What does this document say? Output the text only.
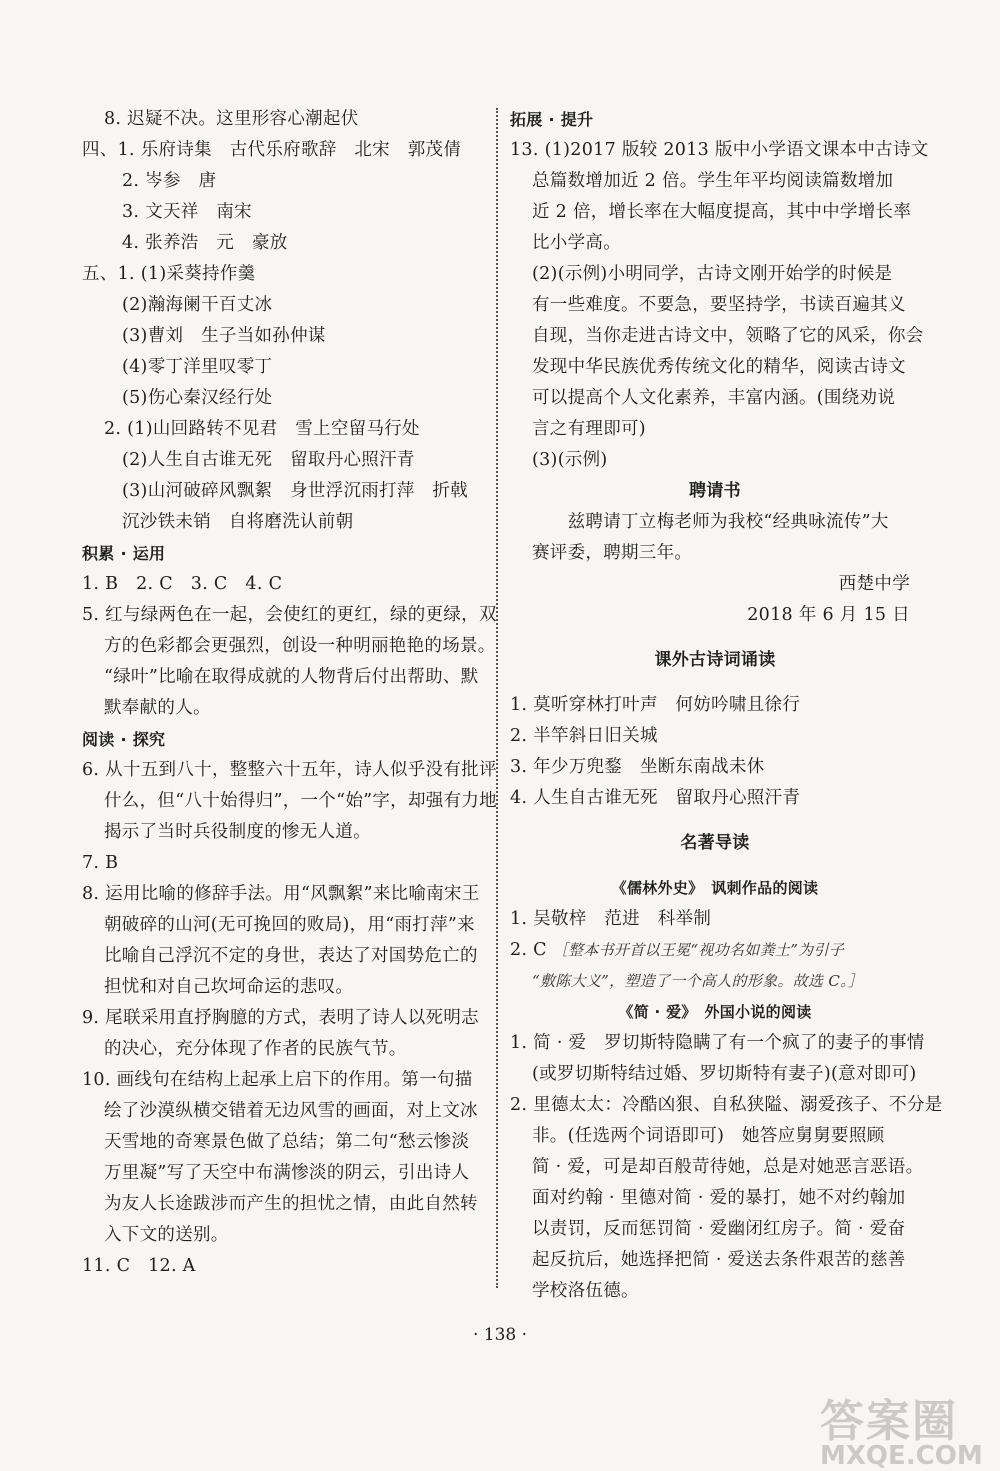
8. 迟疑不决。这里形容心潮起伏
四、1. 乐府诗集　古代乐府歌辞　北宋　郭茂倩
2. 岑参　唐
3. 文天祥　南宋
4. 张养浩　元　豪放
五、1. (1)采葵持作羹
(2)瀚海阑干百丈冰
(3)曹刘　生子当如孙仲谋
(4)零丁洋里叹零丁
(5)伤心秦汉经行处
2. (1)山回路转不见君　雪上空留马行处
(2)人生自古谁无死　留取丹心照汗青
(3)山河破碎风飘絮　身世浮沉雨打萍　折戟
沉沙铁未销　自将磨洗认前朝
积累 · 运用
1. B　2. C　3. C　4. C
5. 红与绿两色在一起，会使红的更红，绿的更绿，双
方的色彩都会更强烈，创设一种明丽艳艳的场景。
“绿叶”比喻在取得成就的人物背后付出帮助、默
默奉献的人。
阅读 · 探究
6. 从十五到八十，整整六十五年，诗人似乎没有批评
什么，但“八十始得归”，一个“始”字，却强有力地
揭示了当时兵役制度的惨无人道。
7. B
8. 运用比喻的修辞手法。用“风飘絮”来比喻南宋王
朝破碎的山河(无可挽回的败局)，用“雨打萍”来
比喻自己浮沉不定的身世，表达了对国势危亡的
担忧和对自己坎坷命运的悲叹。
9. 尾联采用直抒胸臆的方式，表明了诗人以死明志
的决心，充分体现了作者的民族气节。
10. 画线句在结构上起承上启下的作用。第一句描
绘了沙漠纵横交错着无边风雪的画面，对上文冰
天雪地的奇寒景色做了总结；第二句“愁云惨淡
万里凝”写了天空中布满惨淡的阴云，引出诗人
为友人长途跋涉而产生的担忧之情，由此自然转
入下文的送别。
11. C　12. A
拓展 · 提升
13. (1)2017 版较 2013 版中小学语文课本中古诗文
总篇数增加近 2 倍。学生年平均阅读篇数增加
近 2 倍，增长率在大幅度提高，其中中学增长率
比小学高。
(2)(示例)小明同学，古诗文刚开始学的时候是
有一些难度。不要急，要坚持学，书读百遍其义
自现，当你走进古诗文中，领略了它的风采，你会
发现中华民族优秀传统文化的精华，阅读古诗文
可以提高个人文化素养，丰富内涵。(围绕劝说
言之有理即可)
(3)(示例)
聘请书
　　兹聘请丁立梅老师为我校“经典咏流传”大
赛评委，聘期三年。
西楚中学
2018 年 6 月 15 日
课外古诗词诵读
1. 莫听穿林打叶声　何妨吟啸且徐行
2. 半竿斜日旧关城
3. 年少万兜鍪　坐断东南战未休
4. 人生自古谁无死　留取丹心照汗青
名著导读
《儒林外史》　讽刺作品的阅读
1. 吴敬梓　范进　科举制
2. C ［整本书开首以王冕“视功名如粪土”为引子
“敷陈大义”，塑造了一个高人的形象。故选 C。］
《简 · 爱》　外国小说的阅读
1. 简 · 爱　罗切斯特隐瞒了有一个疯了的妻子的事情
(或罗切斯特结过婚、罗切斯特有妻子)(意对即可)
2. 里德太太：冷酷凶狠、自私狭隘、溺爱孩子、不分是
非。(任选两个词语即可)　她答应舅舅要照顾
简 · 爱，可是却百般苛待她，总是对她恶言恶语。
面对约翰 · 里德对简 · 爱的暴打，她不对约翰加
以责罚，反而惩罚简 · 爱幽闭红房子。简 · 爱奋
起反抗后，她选择把简 · 爱送去条件艰苦的慈善
学校洛伍德。
· 138 ·
答案圈
MXQE.COM
